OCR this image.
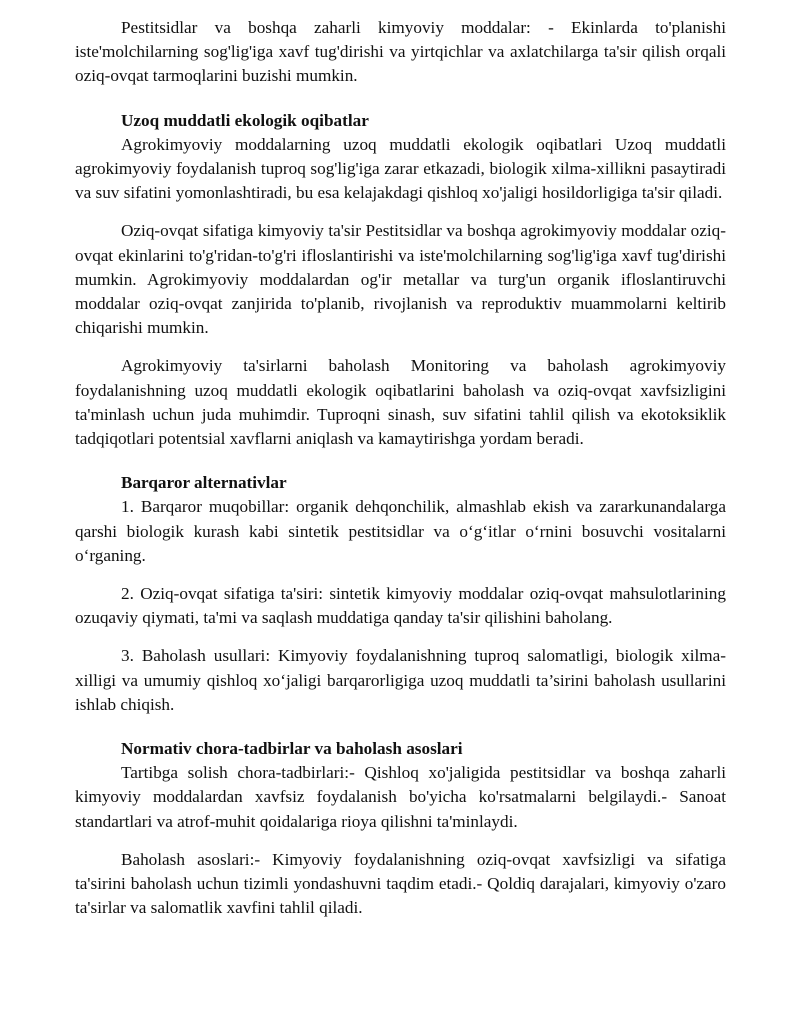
Pestitsidlar va boshqa zaharli kimyoviy moddalar: - Ekinlarda to'planishi iste'molchilarning sog'lig'iga xavf tug'dirishi va yirtqichlar va axlatchilarga ta'sir qilish orqali oziq-ovqat tarmoqlarini buzishi mumkin.

Uzoq muddatli ekologik oqibatlar

Agrokimyoviy moddalarning uzoq muddatli ekologik oqibatlari Uzoq muddatli agrokimyoviy foydalanish tuproq sog'lig'iga zarar etkazadi, biologik xilma-xillikni pasaytiradi va suv sifatini yomonlashtiradi, bu esa kelajakdagi qishloq xo'jaligi hosildorligiga ta'sir qiladi.

Oziq-ovqat sifatiga kimyoviy ta'sir Pestitsidlar va boshqa agrokimyoviy moddalar oziq-ovqat ekinlarini to'g'ridan-to'g'ri ifloslantirishi va iste'molchilarning sog'lig'iga xavf tug'dirishi mumkin. Agrokimyoviy moddalardan og'ir metallar va turg'un organik ifloslantiruvchi moddalar oziq-ovqat zanjirida to'planib, rivojlanish va reproduktiv muammolarni keltirib chiqarishi mumkin.

Agrokimyoviy ta'sirlarni baholash Monitoring va baholash agrokimyoviy foydalanishning uzoq muddatli ekologik oqibatlarini baholash va oziq-ovqat xavfsizligini ta'minlash uchun juda muhimdir. Tuproqni sinash, suv sifatini tahlil qilish va ekotoksiklik tadqiqotlari potentsial xavflarni aniqlash va kamaytirishga yordam beradi.

Barqaror alternativlar

1. Barqaror muqobillar: organik dehqonchilik, almashlab ekish va zararkunandalarga qarshi biologik kurash kabi sintetik pestitsidlar va o‘g‘itlar o‘rnini bosuvchi vositalarni o‘rganing.

2. Oziq-ovqat sifatiga ta'siri: sintetik kimyoviy moddalar oziq-ovqat mahsulotlarining ozuqaviy qiymati, ta'mi va saqlash muddatiga qanday ta'sir qilishini baholang.

3. Baholash usullari: Kimyoviy foydalanishning tuproq salomatligi, biologik xilma-xilligi va umumiy qishloq xo‘jaligi barqarorligiga uzoq muddatli ta’sirini baholash usullarini ishlab chiqish.

Normativ chora-tadbirlar va baholash asoslari

Tartibga solish chora-tadbirlari:- Qishloq xo'jaligida pestitsidlar va boshqa zaharli kimyoviy moddalardan xavfsiz foydalanish bo'yicha ko'rsatmalarni belgilaydi.- Sanoat standartlari va atrof-muhit qoidalariga rioya qilishni ta'minlaydi.

Baholash asoslari:- Kimyoviy foydalanishning oziq-ovqat xavfsizligi va sifatiga ta'sirini baholash uchun tizimli yondashuvni taqdim etadi.- Qoldiq darajalari, kimyoviy o'zaro ta'sirlar va salomatlik xavfini tahlil qiladi.
